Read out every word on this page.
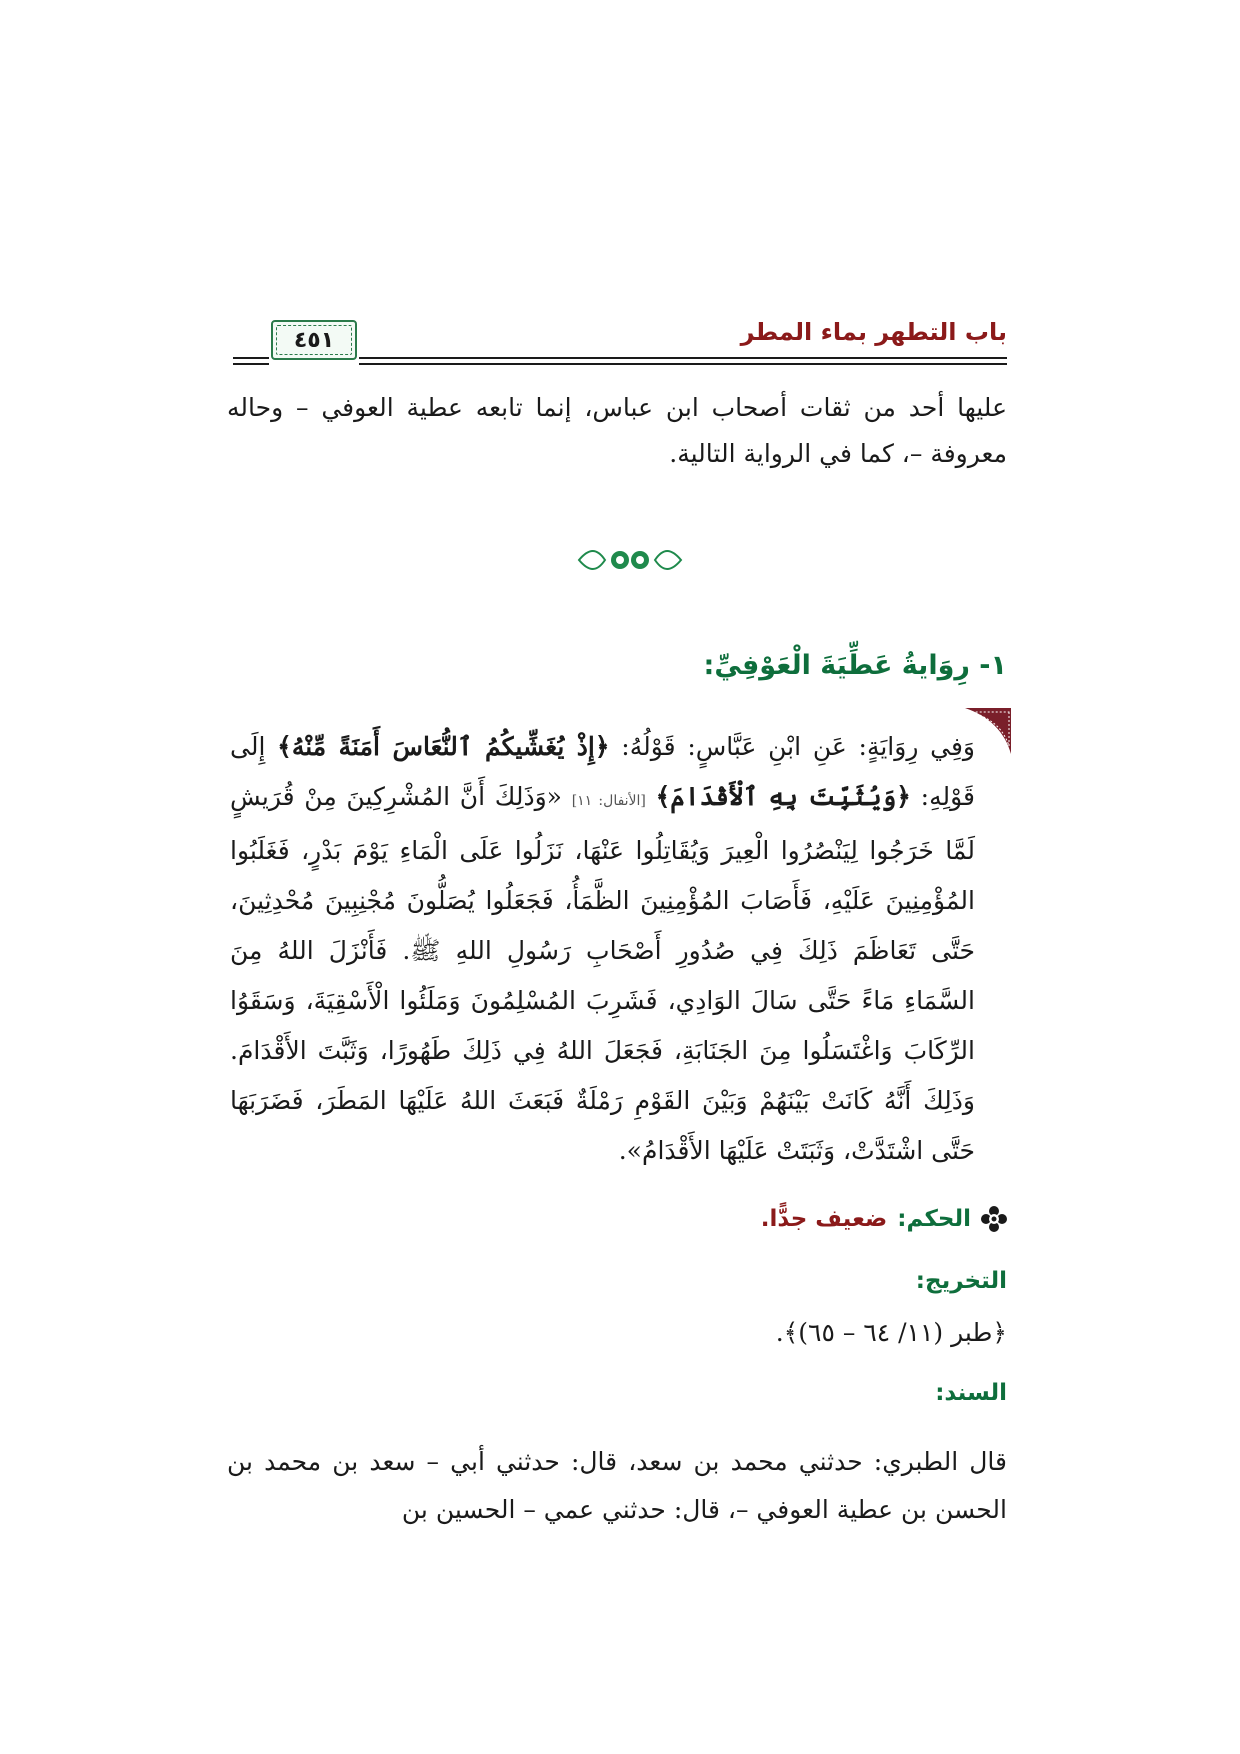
باب التطهر بماء المطر
٤٥١
عليها أحد من ثقات أصحاب ابن عباس، إنما تابعه عطية العوفي – وحاله معروفة –، كما في الرواية التالية.
١- رِوَايةُ عَطِّيَةَ الْعَوْفِيِّ:
وَفِي رِوَايَةٍ: عَنِ ابْنِ عَبَّاسٍ: قَوْلُهُ: ﴿إِذْ يُغَشِّيكُمُ ٱلنُّعَاسَ أَمَنَةً مِّنْهُ﴾ إِلَى قَوْلِهِ: ﴿وَيُثَبِّتَ بِهِ ٱلْأَقْدَامَ﴾ [الأنفال: ١١] «وَذَلِكَ أَنَّ المُشْرِكِينَ مِنْ قُرَيشٍ لَمَّا خَرَجُوا لِيَنْصُرُوا الْعِيرَ وَيُقَاتِلُوا عَنْهَا، نَزَلُوا عَلَى الْمَاءِ يَوْمَ بَدْرٍ، فَغَلَبُوا المُؤْمِنِينَ عَلَيْهِ، فَأَصَابَ المُؤْمِنِينَ الظَّمَأُ، فَجَعَلُوا يُصَلُّونَ مُجْنِبِينَ مُحْدِثِينَ، حَتَّى تَعَاظَمَ ذَلِكَ فِي صُدُورِ أَصْحَابِ رَسُولِ اللهِ ﷺ. فَأَنْزَلَ اللهُ مِنَ السَّمَاءِ مَاءً حَتَّى سَالَ الوَادِي، فَشَرِبَ المُسْلِمُونَ وَمَلَئُوا الْأَسْقِيَةَ، وَسَقَوُا الرِّكَابَ وَاغْتَسَلُوا مِنَ الجَنَابَةِ، فَجَعَلَ اللهُ فِي ذَلِكَ طَهُورًا، وَثَبَّتَ الأَقْدَامَ. وَذَلِكَ أَنَّهُ كَانَتْ بَيْنَهُمْ وَبَيْنَ القَوْمِ رَمْلَةٌ فَبَعَثَ اللهُ عَلَيْهَا المَطَرَ، فَضَرَبَهَا حَتَّى اشْتَدَّتْ، وَثَبَتَتْ عَلَيْهَا الأَقْدَامُ».
الحكم:
ضعيف جدًّا.
التخريج:
﴿طبر (١١/ ٦٤ – ٦٥)﴾.
السند:
قال الطبري: حدثني محمد بن سعد، قال: حدثني أبي – سعد بن محمد بن الحسن بن عطية العوفي –، قال: حدثني عمي – الحسين بن
